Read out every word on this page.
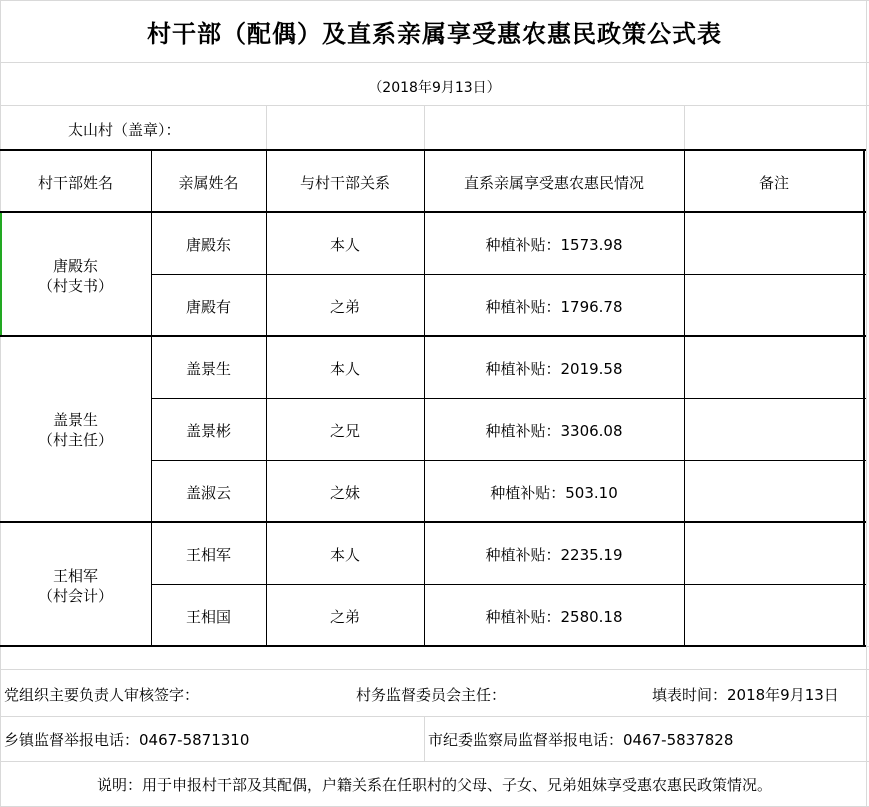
村干部（配偶）及直系亲属享受惠农惠民政策公式表
（2018年9月13日）
太山村（盖章）：
村干部姓名	亲属姓名	与村干部关系	直系亲属享受惠农惠民情况	备注
唐殿东
（村支书）
唐殿东	本人	种植补贴：1573.98
唐殿有	之弟	种植补贴：1796.78
盖景生
（村主任）
盖景生	本人	种植补贴：2019.58
盖景彬	之兄	种植补贴：3306.08
盖淑云	之妹	种植补贴：503.10
王相军
（村会计）
王相军	本人	种植补贴：2235.19
王相国	之弟	种植补贴：2580.18
党组织主要负责人审核签字：	村务监督委员会主任：	填表时间：2018年9月13日
乡镇监督举报电话：0467-5871310	市纪委监察局监督举报电话：0467-5837828
说明：用于申报村干部及其配偶，户籍关系在任职村的父母、子女、兄弟姐妹享受惠农惠民政策情况。
